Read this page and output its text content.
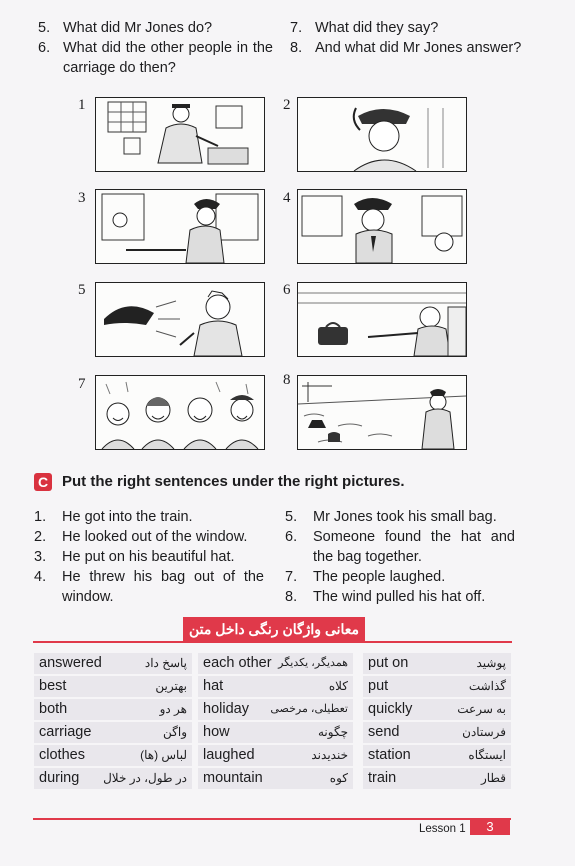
5. What did Mr Jones do?
6. What did the other people in the carriage do then?
7. What did they say?
8. And what did Mr Jones answer?
1	2
3	4
5	6
7	8
C Put the right sentences under the right pictures.
1.	He got into the train.
2.	He looked out of the window.
3.	He put on his beautiful hat.
4.	He threw his bag out of the window.
5.	Mr Jones took his small bag.
6.	Someone found the hat and the bag together.
7.	The people laughed.
8.	The wind pulled his hat off.
معانی واژگان رنگی داخل متن
answered	پاسخ داد
best	بهترین
both	هر دو
carriage	واگن
clothes	لباس (ها)
during در طول، در خلال
each other همدیگر، یکدیگر
hat	کلاه
holiday تعطیلی، مرخصی
how	چگونه
laughed	خندیدند
mountain	کوه
put on	پوشید
put	گذاشت
quickly	به سرعت
send	فرستادن
station	ایستگاه
train	قطار
Lesson 1	3
